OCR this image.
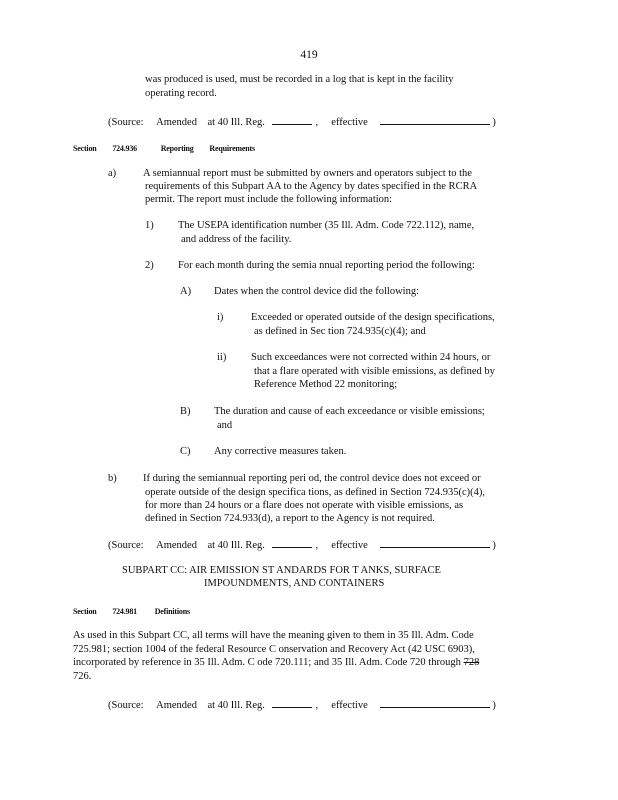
419
was produced is used, must be recorded in a log that is kept in the facility
operating record.
(Source: Amended at 40 Ill. Reg.	, effective	)
Section 724.936	Reporting Requirements
a)	A semiannual report must be submitted by owners and operators subject to the
requirements of this Subpart AA to the Agency by dates specified in the RCRA
permit. The report must include the following information:
1) The USEPA identification number (35 Ill. Adm. Code 722.112), name,
and address of the facility.
2) For each month during the semia nnual reporting period the following:
A) Dates when the control device did the following:
i)	Exceeded or operated outside of the design specifications,
as defined in Sec tion 724.935(c)(4); and
ii) Such exceedances were not corrected within 24 hours, or
that a flare operated with visible emissions, as defined by
Reference Method 22 monitoring;
B) The duration and cause of each exceedance or visible emissions;
and
C) Any corrective measures taken.
b)	If during the semiannual reporting peri od, the control device does not exceed or
operate outside of the design specifica tions, as defined in Section 724.935(c)(4),
for more than 24 hours or a flare does not operate with visible emissions, as
defined in Section 724.933(d), a report to the Agency is not required.
(Source: Amended at 40 Ill. Reg.	, effective	)
SUBPART CC: AIR EMISSION ST ANDARDS FOR T ANKS, SURFACE
IMPOUNDMENTS, AND CONTAINERS
Section 724.981 Definitions
As used in this Subpart CC, all terms will have the meaning given to them in 35 Ill. Adm. Code
725.981; section 1004 of the federal Resource C onservation and Recovery Act (42 USC 6903),
incorporated by reference in 35 Ill. Adm. C ode 720.111; and 35 Ill. Adm. Code 720 through 728
726.
(Source: Amended at 40 Ill. Reg.	, effective	)
